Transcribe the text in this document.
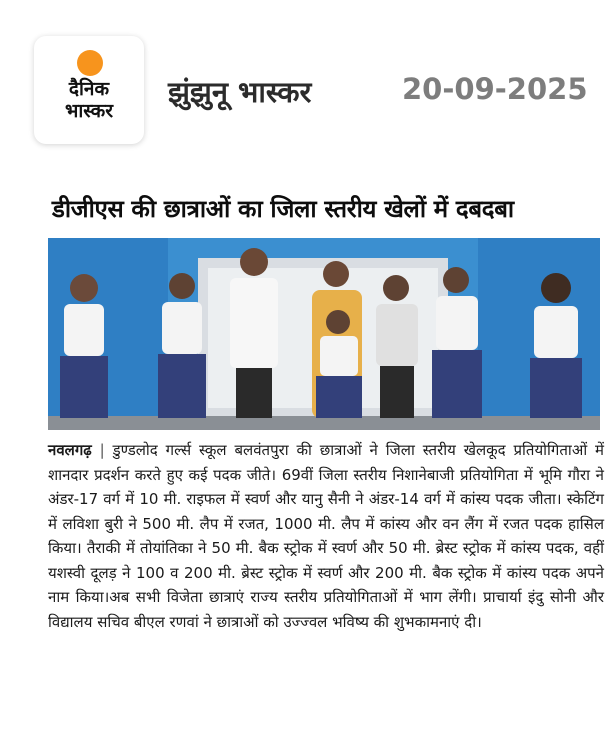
दैनिक
भास्कर
झुंझुनू भास्कर	20-09-2025
डीजीएस की छात्राओं का जिला स्तरीय खेलों में दबदबा
नवलगढ़ | डुण्डलोद गर्ल्स स्कूल बलवंतपुरा की छात्राओं ने जिला स्तरीय खेलकूद प्रतियोगिताओं में शानदार प्रदर्शन करते हुए कई पदक जीते। 69वीं जिला स्तरीय निशानेबाजी प्रतियोगिता में भूमि गौरा ने अंडर-17 वर्ग में 10 मी. राइफल में स्वर्ण और यानु सैनी ने अंडर-14 वर्ग में कांस्य पदक जीता। स्केटिंग में लविशा बुरी ने 500 मी. लैप में रजत, 1000 मी. लैप में कांस्य और वन लैंग में रजत पदक हासिल किया। तैराकी में तोयांतिका ने 50 मी. बैक स्ट्रोक में स्वर्ण और 50 मी. ब्रेस्ट स्ट्रोक में कांस्य पदक, वहीं यशस्वी दूलड़ ने 100 व 200 मी. ब्रेस्ट स्ट्रोक में स्वर्ण और 200 मी. बैक स्ट्रोक में कांस्य पदक अपने नाम किया।अब सभी विजेता छात्राएं राज्य स्तरीय प्रतियोगिताओं में भाग लेंगी। प्राचार्या इंदु सोनी और विद्यालय सचिव बीएल रणवां ने छात्राओं को उज्ज्वल भविष्य की शुभकामनाएं दी।
